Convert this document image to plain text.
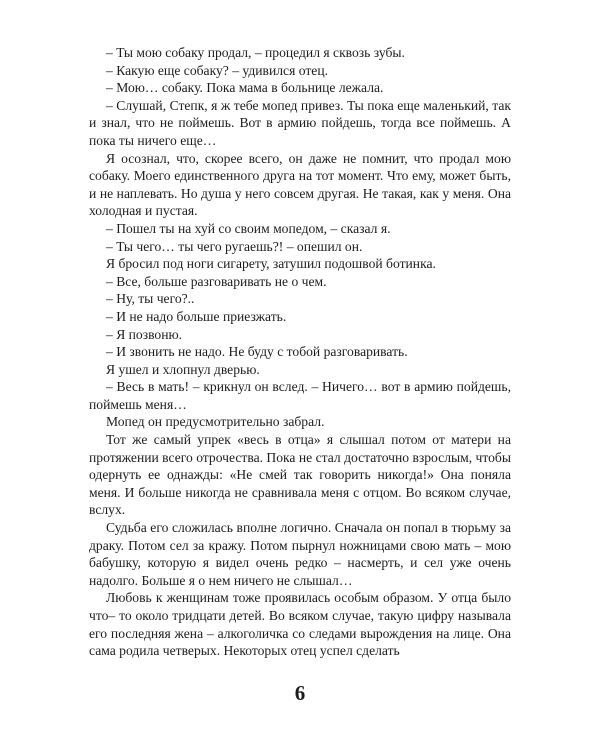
– Ты мою собаку продал, – процедил я сквозь зубы.

– Какую еще собаку? – удивился отец.

– Мою… собаку. Пока мама в больнице лежала.

– Слушай, Степк, я ж тебе мопед привез. Ты пока еще маленький, так и знал, что не поймешь. Вот в армию пойдешь, тогда все поймешь. А пока ты ничего еще…

Я осознал, что, скорее всего, он даже не помнит, что продал мою собаку. Моего единственного друга на тот момент. Что ему, может быть, и не наплевать. Но душа у него совсем другая. Не такая, как у меня. Она холодная и пустая.

– Пошел ты на хуй со своим мопедом, – сказал я.

– Ты чего… ты чего ругаешь?! – опешил он.

Я бросил под ноги сигарету, затушил подошвой ботинка.

– Все, больше разговаривать не о чем.

– Ну, ты чего?..

– И не надо больше приезжать.

– Я позвоню.

– И звонить не надо. Не буду с тобой разговаривать.

Я ушел и хлопнул дверью.

– Весь в мать! – крикнул он вслед. – Ничего… вот в армию пойдешь, поймешь меня…

Мопед он предусмотрительно забрал.

Тот же самый упрек «весь в отца» я слышал потом от матери на протяжении всего отрочества. Пока не стал достаточно взрослым, чтобы одернуть ее однажды: «Не смей так говорить никогда!» Она поняла меня. И больше никогда не сравнивала меня с отцом. Во всяком случае, вслух.

Судьба его сложилась вполне логично. Сначала он попал в тюрьму за драку. Потом сел за кражу. Потом пырнул ножницами свою мать – мою бабушку, которую я видел очень редко – насмерть, и сел уже очень надолго. Больше я о нем ничего не слышал…

Любовь к женщинам тоже проявилась особым образом. У отца было что– то около тридцати детей. Во всяком случае, такую цифру называла его последняя жена – алкоголичка со следами вырождения на лице. Она сама родила четверых. Некоторых отец успел сделать

6
